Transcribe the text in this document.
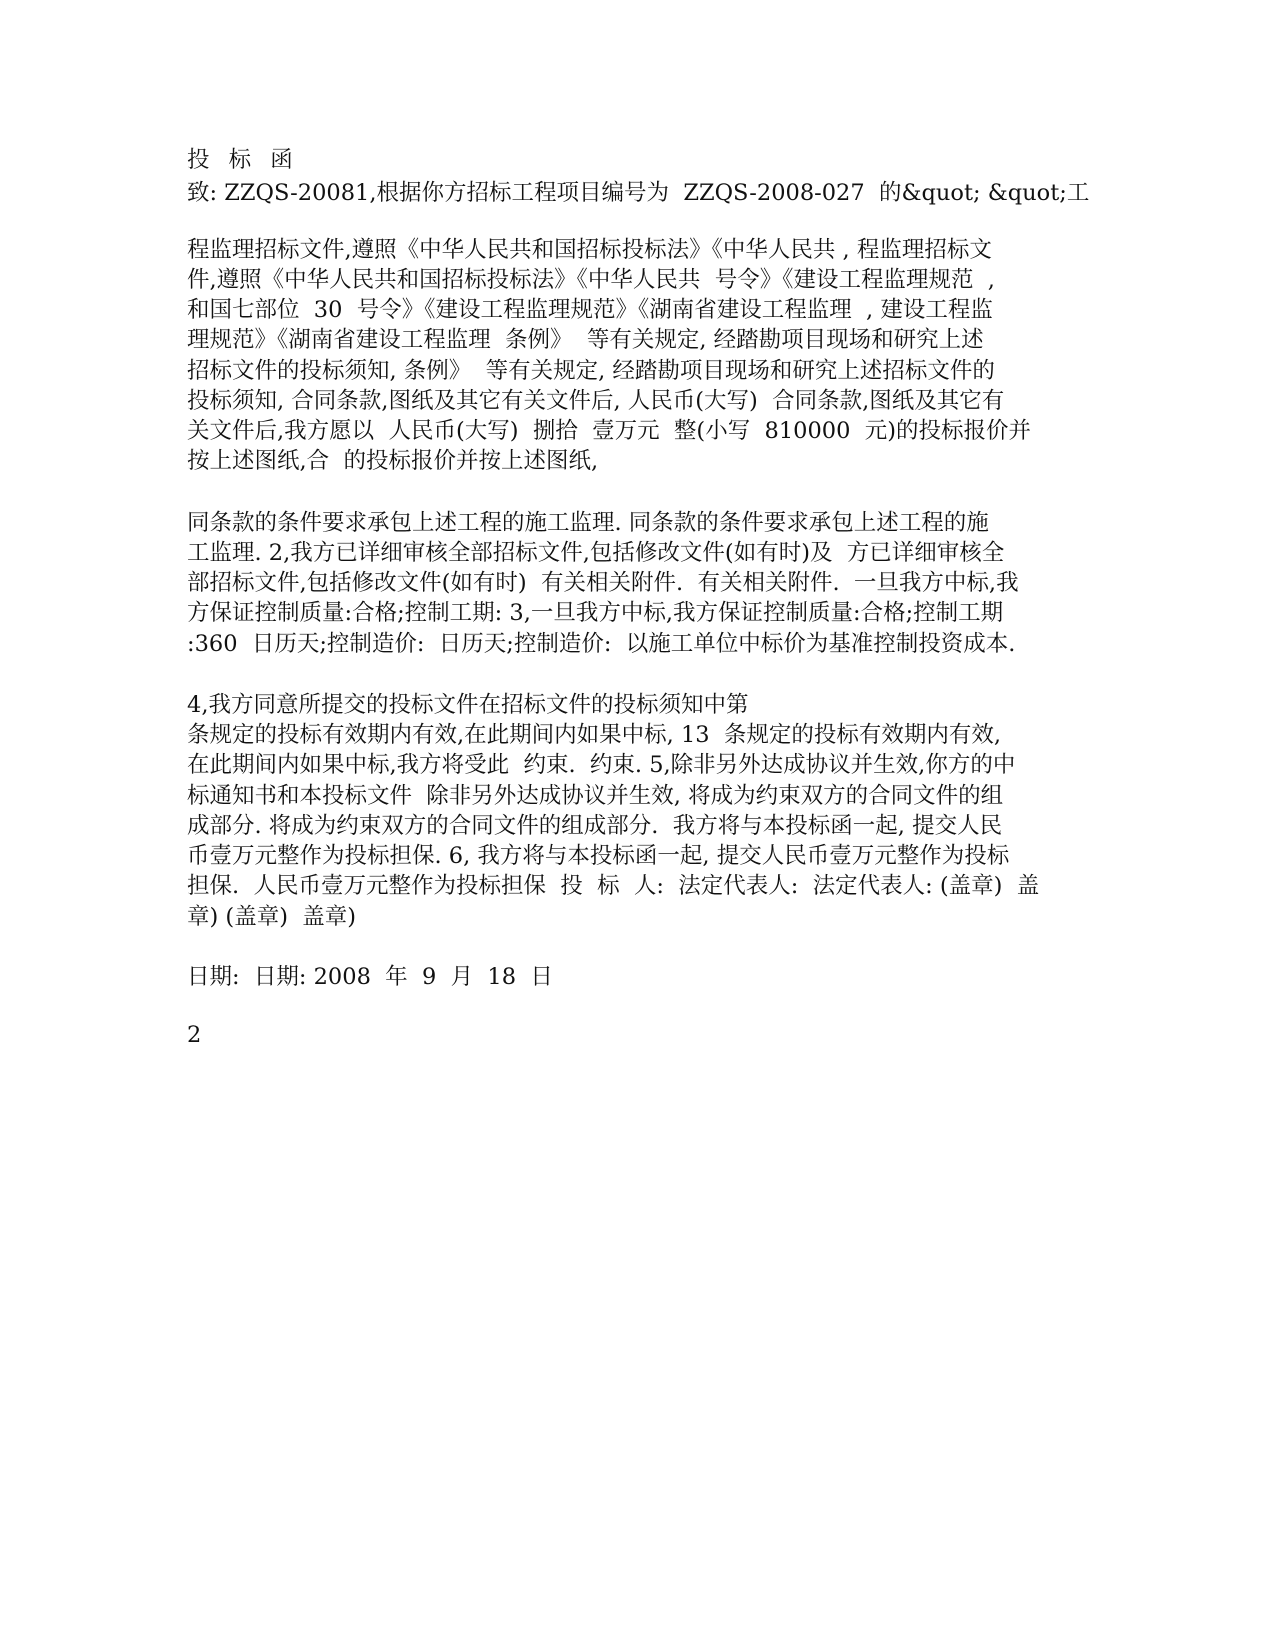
投 标 函
致: ZZQS-20081,根据你方招标工程项目编号为  ZZQS-2008-027  的&quot; &quot;工
程监理招标文件,遵照《中华人民共和国招标投标法》《中华人民共 , 程监理招标文
件,遵照《中华人民共和国招标投标法》《中华人民共  号令》《建设工程监理规范  ,
和国七部位  30  号令》《建设工程监理规范》《湖南省建设工程监理  , 建设工程监
理规范》《湖南省建设工程监理  条例》  等有关规定, 经踏勘项目现场和研究上述
招标文件的投标须知, 条例》  等有关规定, 经踏勘项目现场和研究上述招标文件的
投标须知, 合同条款,图纸及其它有关文件后, 人民币(大写)  合同条款,图纸及其它有
关文件后,我方愿以  人民币(大写)  捌拾  壹万元  整(小写  810000  元)的投标报价并
按上述图纸,合  的投标报价并按上述图纸,
同条款的条件要求承包上述工程的施工监理. 同条款的条件要求承包上述工程的施
工监理. 2,我方已详细审核全部招标文件,包括修改文件(如有时)及  方已详细审核全
部招标文件,包括修改文件(如有时)  有关相关附件.  有关相关附件.  一旦我方中标,我
方保证控制质量:合格;控制工期: 3,一旦我方中标,我方保证控制质量:合格;控制工期
:360  日历天;控制造价:  日历天;控制造价:  以施工单位中标价为基准控制投资成本.
4,我方同意所提交的投标文件在招标文件的投标须知中第
条规定的投标有效期内有效,在此期间内如果中标, 13  条规定的投标有效期内有效,
在此期间内如果中标,我方将受此  约束.  约束. 5,除非另外达成协议并生效,你方的中
标通知书和本投标文件  除非另外达成协议并生效, 将成为约束双方的合同文件的组
成部分. 将成为约束双方的合同文件的组成部分.  我方将与本投标函一起, 提交人民
币壹万元整作为投标担保. 6, 我方将与本投标函一起, 提交人民币壹万元整作为投标
担保.  人民币壹万元整作为投标担保  投  标  人:  法定代表人:  法定代表人: (盖章)  盖
章) (盖章)  盖章)
日期:  日期: 2008  年  9  月  18  日
2
